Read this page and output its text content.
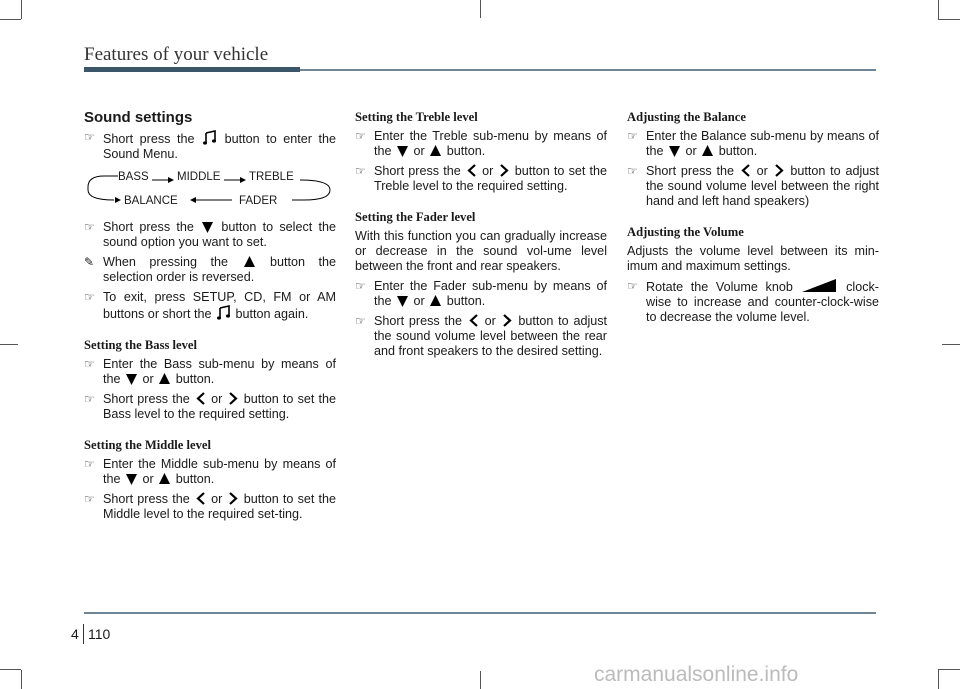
Features of your vehicle
Sound settings
☞ Short press the button to enter the Sound Menu.
BASS MIDDLE TREBLE
BALANCE	FADER
☞ Short press the button to select the sound option you want to set.
✎ When pressing the	button the selection order is reversed.
☞ To exit, press SETUP, CD, FM or AM buttons or short the button again.
Setting the Bass level
☞ Enter the Bass sub-menu by means of the or button.
☞ Short press the or button to set the Bass level to the required setting.
Setting the Middle level
☞ Enter the Middle sub-menu by means of the or button.
☞ Short press the or button to set the Middle level to the required set-ting.
Setting the Treble level
☞ Enter the Treble sub-menu by means of the or button.
☞ Short press the or button to set the Treble level to the required setting.
Setting the Fader level

With this function you can gradually increase or decrease in the sound vol-ume level between the front and rear speakers.

☞ Enter the Fader sub-menu by means of the or button.
☞ Short press the or button to adjust the sound volume level between the rear and front speakers to the desired setting.
Adjusting the Balance
☞ Enter the Balance sub-menu by means of the or button.
☞ Short press the or button to adjust the sound volume level between the right hand and left hand speakers)
Adjusting the Volume

Adjusts the volume level between its min-imum and maximum settings.

☞ Rotate the Volume knob	clock-wise to increase and counter-clock-wise to decrease the volume level.
4 110
carmanualsonline.info
